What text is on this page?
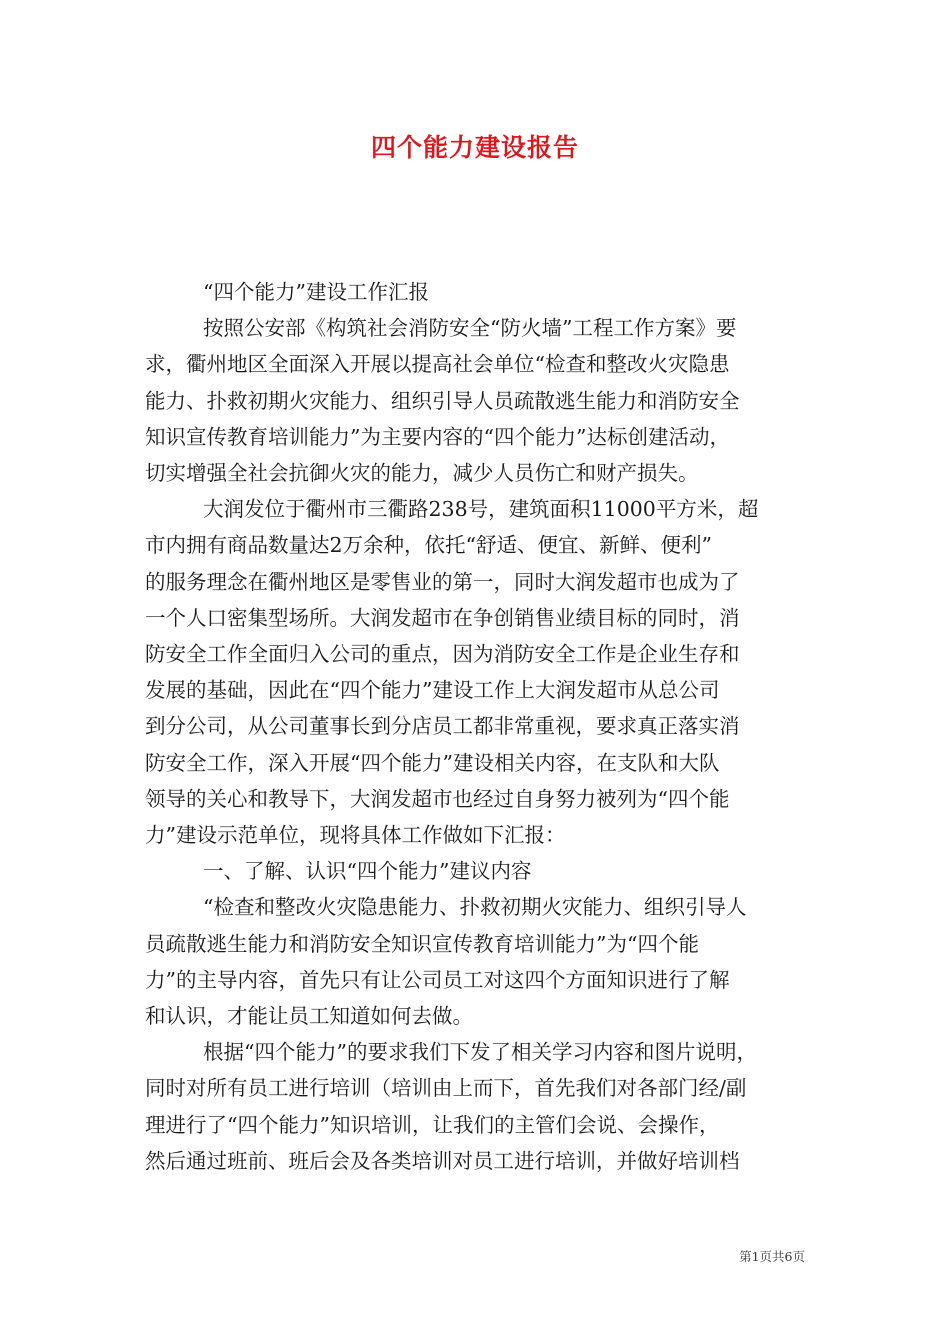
四个能力建设报告
“四个能力”建设工作汇报
按照公安部《构筑社会消防安全“防火墙”工程工作方案》要
求，衢州地区全面深入开展以提高社会单位“检查和整改火灾隐患
能力、扑救初期火灾能力、组织引导人员疏散逃生能力和消防安全
知识宣传教育培训能力”为主要内容的“四个能力”达标创建活动，
切实增强全社会抗御火灾的能力，减少人员伤亡和财产损失。
大润发位于衢州市三衢路238号，建筑面积11000平方米，超
市内拥有商品数量达2万余种，依托“舒适、便宜、新鲜、便利”
的服务理念在衢州地区是零售业的第一，同时大润发超市也成为了
一个人口密集型场所。大润发超市在争创销售业绩目标的同时，消
防安全工作全面归入公司的重点，因为消防安全工作是企业生存和
发展的基础，因此在“四个能力”建设工作上大润发超市从总公司
到分公司，从公司董事长到分店员工都非常重视，要求真正落实消
防安全工作，深入开展“四个能力”建设相关内容，在支队和大队
领导的关心和教导下，大润发超市也经过自身努力被列为“四个能
力”建设示范单位，现将具体工作做如下汇报：
一、了解、认识“四个能力”建议内容
“检查和整改火灾隐患能力、扑救初期火灾能力、组织引导人
员疏散逃生能力和消防安全知识宣传教育培训能力”为“四个能
力”的主导内容，首先只有让公司员工对这四个方面知识进行了解
和认识，才能让员工知道如何去做。
根据“四个能力”的要求我们下发了相关学习内容和图片说明，
同时对所有员工进行培训（培训由上而下，首先我们对各部门经/副
理进行了“四个能力”知识培训，让我们的主管们会说、会操作，
然后通过班前、班后会及各类培训对员工进行培训，并做好培训档
第1页共6页
